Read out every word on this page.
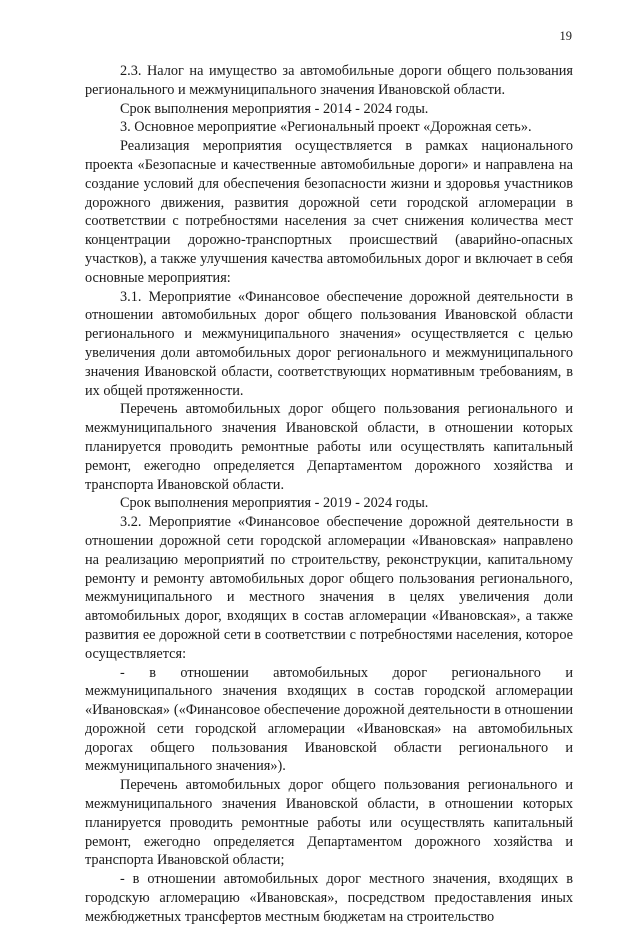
19

2.3. Налог на имущество за автомобильные дороги общего пользования регионального и межмуниципального значения Ивановской области.

Срок выполнения мероприятия - 2014 - 2024 годы.

3. Основное мероприятие «Региональный проект «Дорожная сеть».

Реализация мероприятия осуществляется в рамках национального проекта «Безопасные и качественные автомобильные дороги» и направлена на создание условий для обеспечения безопасности жизни и здоровья участников дорожного движения, развития дорожной сети городской агломерации в соответствии с потребностями населения за счет снижения количества мест концентрации дорожно-транспортных происшествий (аварийно-опасных участков), а также улучшения качества автомобильных дорог и включает в себя основные мероприятия:

3.1. Мероприятие «Финансовое обеспечение дорожной деятельности в отношении автомобильных дорог общего пользования Ивановской области регионального и межмуниципального значения» осуществляется с целью увеличения доли автомобильных дорог регионального и межмуниципального значения Ивановской области, соответствующих нормативным требованиям, в их общей протяженности.

Перечень автомобильных дорог общего пользования регионального и межмуниципального значения Ивановской области, в отношении которых планируется проводить ремонтные работы или осуществлять капитальный ремонт, ежегодно определяется Департаментом дорожного хозяйства и транспорта Ивановской области.

Срок выполнения мероприятия - 2019 - 2024 годы.

3.2. Мероприятие «Финансовое обеспечение дорожной деятельности в отношении дорожной сети городской агломерации «Ивановская» направлено на реализацию мероприятий по строительству, реконструкции, капитальному ремонту и ремонту автомобильных дорог общего пользования регионального, межмуниципального и местного значения в целях увеличения доли автомобильных дорог, входящих в состав агломерации «Ивановская», а также развития ее дорожной сети в соответствии с потребностями населения, которое осуществляется:

- в отношении автомобильных дорог регионального и межмуниципального значения входящих в состав городской агломерации «Ивановская» («Финансовое обеспечение дорожной деятельности в отношении дорожной сети городской агломерации «Ивановская» на автомобильных дорогах общего пользования Ивановской области регионального и межмуниципального значения»).

Перечень автомобильных дорог общего пользования регионального и межмуниципального значения Ивановской области, в отношении которых планируется проводить ремонтные работы или осуществлять капитальный ремонт, ежегодно определяется Департаментом дорожного хозяйства и транспорта Ивановской области;

- в отношении автомобильных дорог местного значения, входящих в городскую агломерацию «Ивановская», посредством предоставления иных межбюджетных трансфертов местным бюджетам на строительство
